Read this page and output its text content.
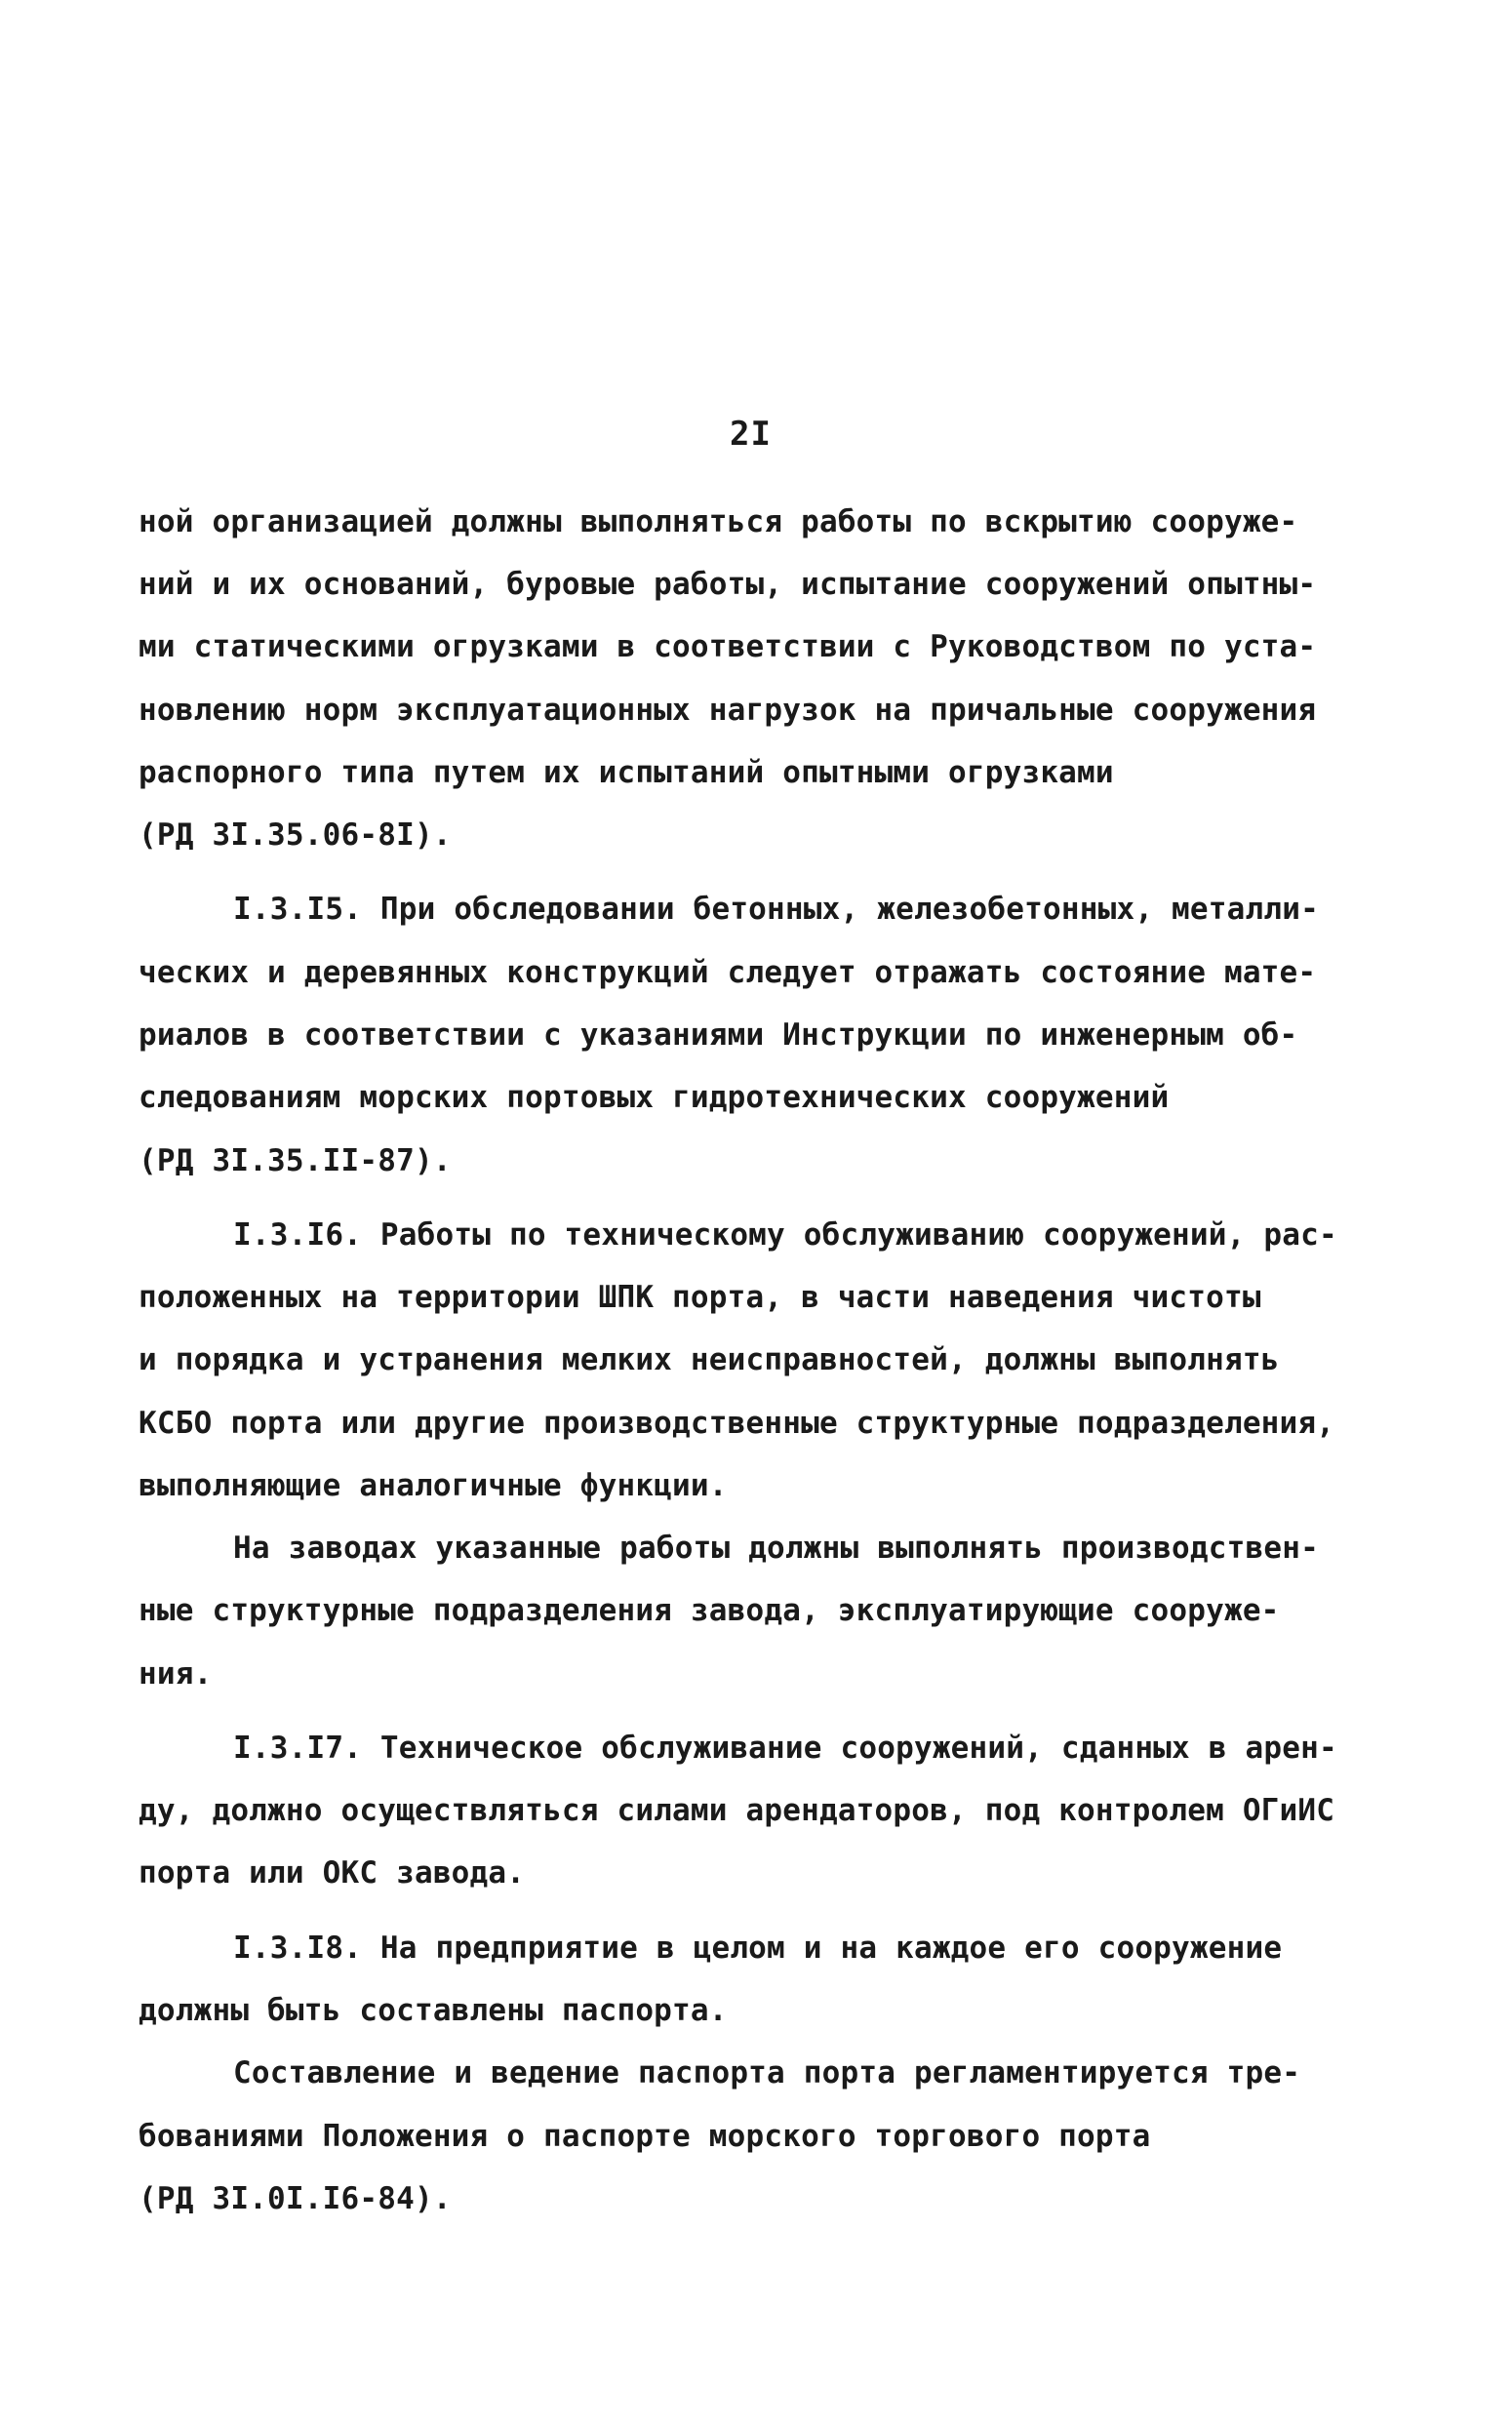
2I
ной организацией должны выполняться работы по вскрытию сооруже-
ний и их оснований, буровые работы, испытание сооружений опытны-
ми статическими огрузками в соответствии с Руководством по уста-
новлению норм эксплуатационных нагрузок на причальные сооружения
распорного типа путем их испытаний опытными огрузками
(РД 3I.35.06-8I).
I.3.I5. При обследовании бетонных, железобетонных, металли-
ческих и деревянных конструкций следует отражать состояние мате-
риалов в соответствии с указаниями Инструкции по инженерным об-
следованиям морских портовых гидротехнических сооружений
(РД 3I.35.II-87).
I.3.I6. Работы по техническому обслуживанию сооружений, рас-
положенных на территории ШПК порта, в части наведения чистоты
и порядка и устранения мелких неисправностей, должны выполнять
КСБО порта или другие производственные структурные подразделения,
выполняющие аналогичные функции.
На заводах указанные работы должны выполнять производствен-
ные структурные подразделения завода, эксплуатирующие сооруже-
ния.
I.3.I7. Техническое обслуживание сооружений, сданных в арен-
ду, должно осуществляться силами арендаторов, под контролем ОГиИС
порта или ОКС завода.
I.3.I8. На предприятие в целом и на каждое его сооружение
должны быть составлены паспорта.
Составление и ведение паспорта порта регламентируется тре-
бованиями Положения о паспорте морского торгового порта
(РД 3I.0I.I6-84).
